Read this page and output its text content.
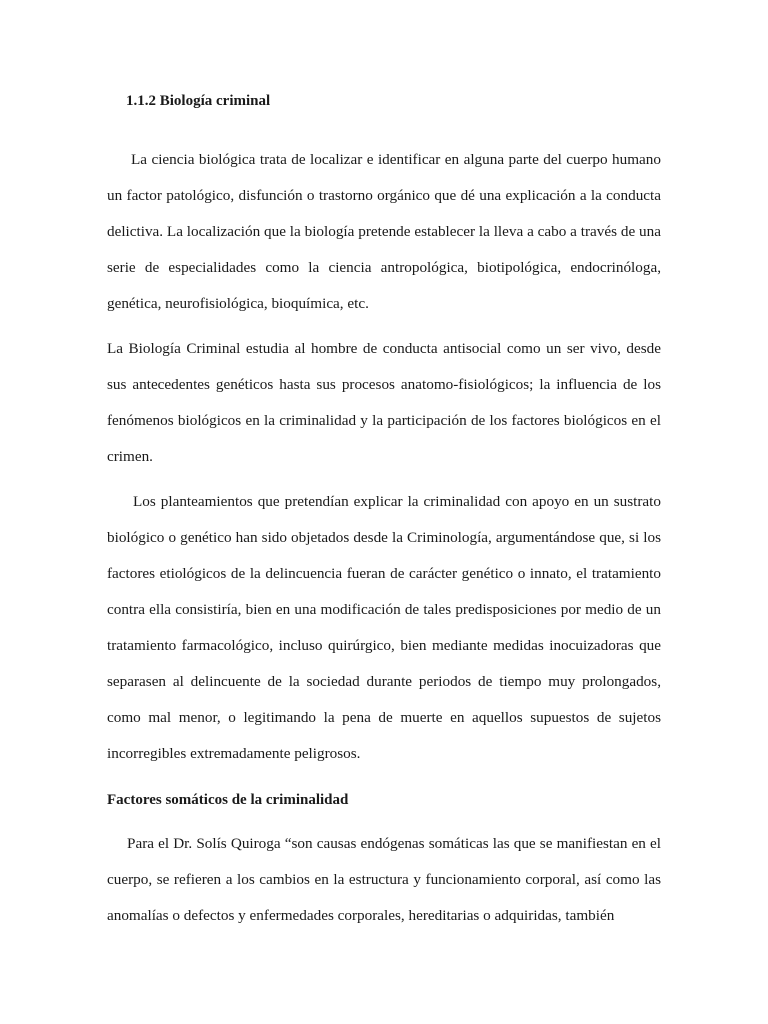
1.1.2 Biología criminal

La ciencia biológica trata de localizar e identificar en alguna parte del cuerpo humano un factor patológico, disfunción o trastorno orgánico que dé una explicación a la conducta delictiva. La localización que la biología pretende establecer la lleva a cabo a través de una serie de especialidades como la ciencia antropológica, biotipológica, endocrinóloga, genética, neurofisiológica, bioquímica, etc.

La Biología Criminal estudia al hombre de conducta antisocial como un ser vivo, desde sus antecedentes genéticos hasta sus procesos anatomo-fisiológicos; la influencia de los fenómenos biológicos en la criminalidad y la participación de los factores biológicos en el crimen.

Los planteamientos que pretendían explicar la criminalidad con apoyo en un sustrato biológico o genético han sido objetados desde la Criminología, argumentándose que, si los factores etiológicos de la delincuencia fueran de carácter genético o innato, el tratamiento contra ella consistiría, bien en una modificación de tales predisposiciones por medio de un tratamiento farmacológico, incluso quirúrgico, bien mediante medidas inocuizadoras que separasen al delincuente de la sociedad durante periodos de tiempo muy prolongados, como mal menor, o legitimando la pena de muerte en aquellos supuestos de sujetos incorregibles extremadamente peligrosos.

Factores somáticos de la criminalidad

Para el Dr. Solís Quiroga “son causas endógenas somáticas las que se manifiestan en el cuerpo, se refieren a los cambios en la estructura y funcionamiento corporal, así como las anomalías o defectos y enfermedades corporales, hereditarias o adquiridas, también
